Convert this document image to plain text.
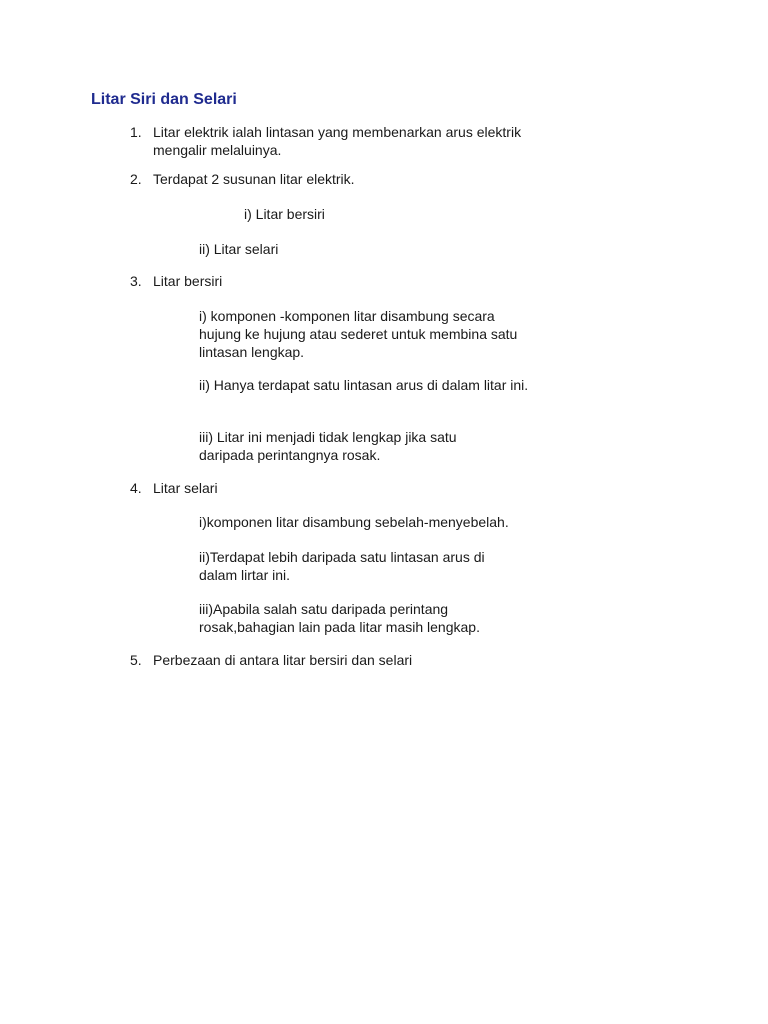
Litar Siri dan Selari
1. Litar elektrik ialah lintasan yang membenarkan arus elektrik mengalir melaluinya.
2. Terdapat 2 susunan litar elektrik.
i) Litar bersiri
ii) Litar selari
3. Litar bersiri
i) komponen -komponen litar disambung secara hujung ke hujung atau sederet untuk membina satu lintasan lengkap.
ii) Hanya terdapat satu lintasan arus di dalam litar ini.
iii) Litar ini menjadi tidak lengkap jika satu daripada perintangnya rosak.
4. Litar selari
i)komponen litar disambung sebelah-menyebelah.
ii)Terdapat lebih daripada satu lintasan arus di dalam lirtar ini.
iii)Apabila salah satu daripada perintang rosak,bahagian lain pada litar masih lengkap.
5. Perbezaan di antara litar bersiri dan selari
